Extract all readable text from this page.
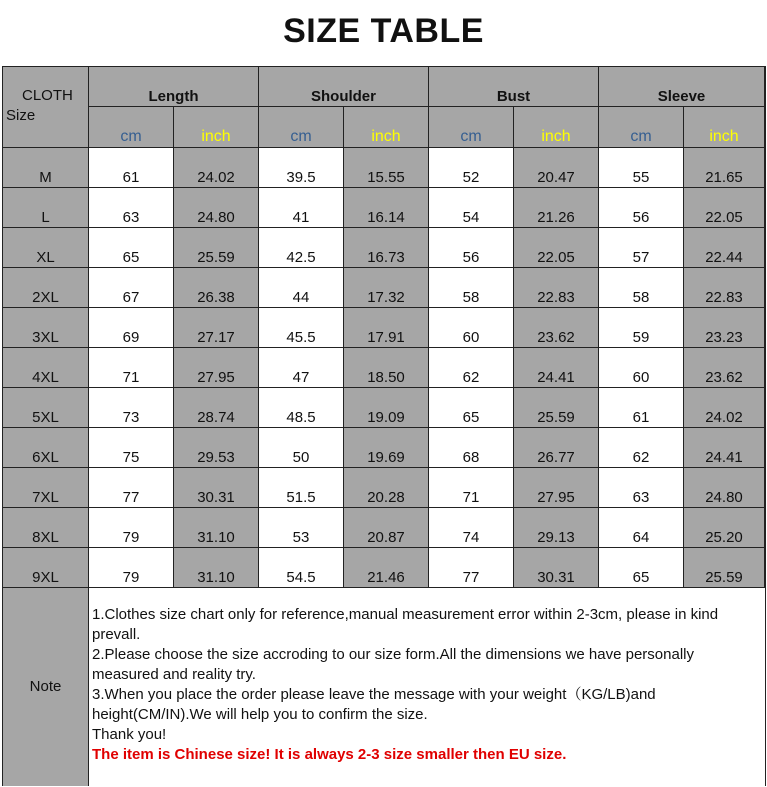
SIZE TABLE
CLOTH
Size
Note

1.Clothes size chart only for reference,manual measurement error within 2-3cm, please in kind prevall.

2.Please choose the size accroding to our size form.All the dimensions we have personally measured and reality try.

3.When you place the order please leave the message with your weight（KG/LB)and height(CM/IN).We will help you to confirm the size.

Thank you!

The item is Chinese size! It is always 2-3 size smaller then EU size.

Length	Shoulder	Bust	Sleeve
cm	inch	cm	inch	cm	inch	cm	inch
M	61	24.02	39.5	15.55	52	20.47	55	21.65
L	63	24.80	41	16.14	54	21.26	56	22.05
XL	65	25.59	42.5	16.73	56	22.05	57	22.44
2XL	67	26.38	44	17.32	58	22.83	58	22.83
3XL	69	27.17	45.5	17.91	60	23.62	59	23.23
4XL	71	27.95	47	18.50	62	24.41	60	23.62
5XL	73	28.74	48.5	19.09	65	25.59	61	24.02
6XL	75	29.53	50	19.69	68	26.77	62	24.41
7XL	77	30.31	51.5	20.28	71	27.95	63	24.80
8XL	79	31.10	53	20.87	74	29.13	64	25.20
9XL	79	31.10	54.5	21.46	77	30.31	65	25.59
